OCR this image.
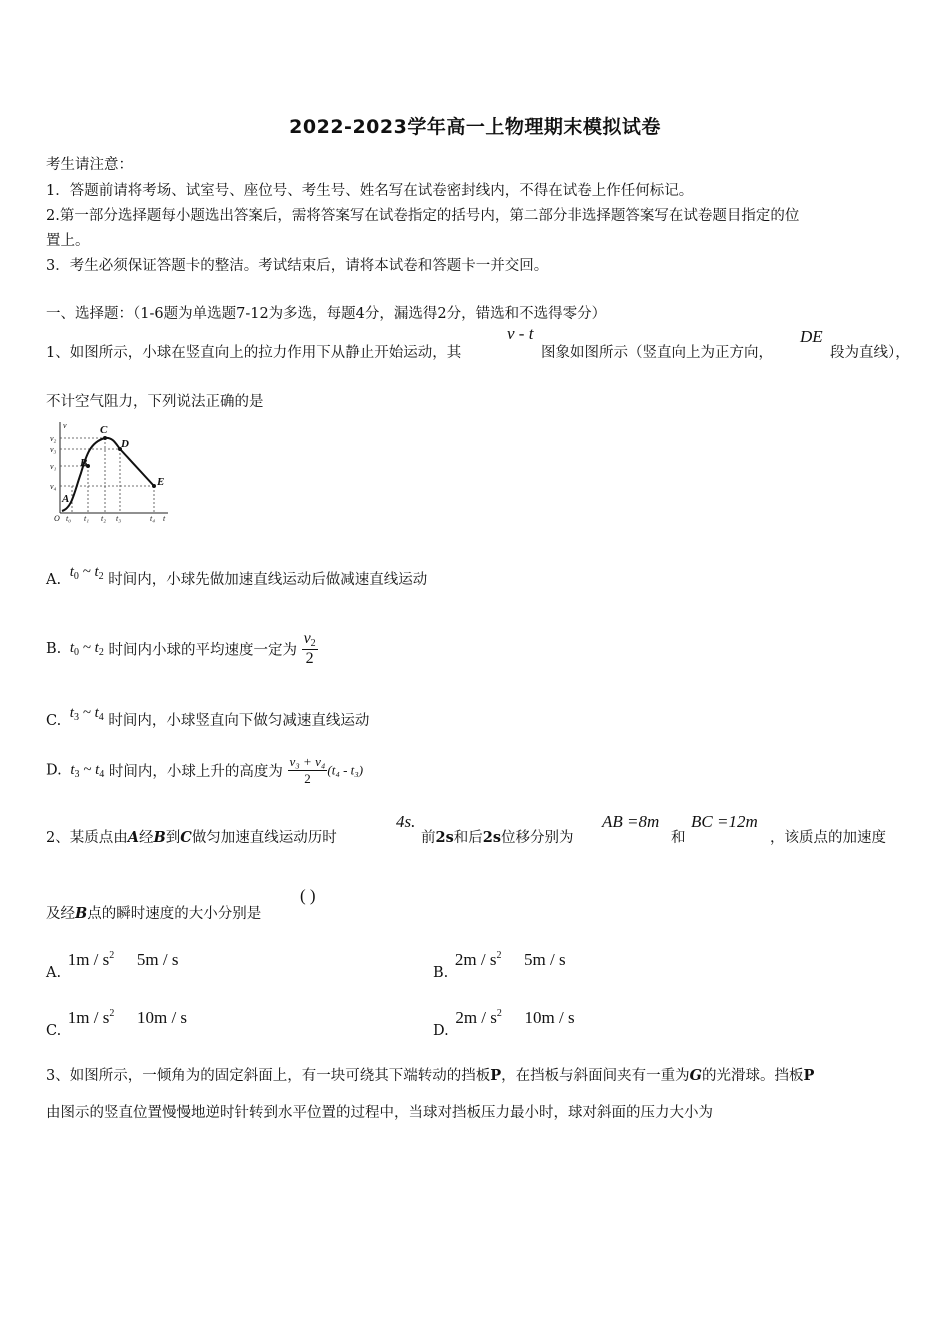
2022-2023学年高一上物理期末模拟试卷
考生请注意：
1．答题前请将考场、试室号、座位号、考生号、姓名写在试卷密封线内，不得在试卷上作任何标记。
2.第一部分选择题每小题选出答案后，需将答案写在试卷指定的括号内，第二部分非选择题答案写在试卷题目指定的位
置上。
3．考生必须保证答题卡的整洁。考试结束后，请将本试卷和答题卡一并交回。
一、选择题：（1-6题为单选题7-12为多选，每题4分，漏选得2分，错选和不选得零分）
1、如图所示，小球在竖直向上的拉力作用下从静止开始运动，其
v - t
图象如图所示（竖直向上为正方向，
DE
段为直线），
不计空气阻力，下列说法正确的是
A
B
C
D
E
O t₀ t₁ t₂ t₃	t₄ t
v
v₂
v₃
v₁
v₄
A. $t_0$ ~ $t_2$ 时间内，小球先做加速直线运动后做减速直线运动
B. $t_0$ ~ $t_2$ 时间内小球的平均速度一定为 $\frac{v_2}{2}$
C. $t_3$ ~ $t_4$ 时间内，小球竖直向下做匀减速直线运动
D. $t_3$ ~ $t_4$ 时间内，小球上升的高度为 $\frac{\text{v₃ + v₄}}{2} (t_4 - t_3)$
2、某质点由A经B到C做匀加速直线运动历时
4s.
前2s和后2s位移分别为
AB =8m
和
BC =12m
，该质点的加速度
及经B点的瞬时速度的大小分别是
( )
A. $1m / s^2$ 5m / s
B. $2m / s^2$ 5m / s
C. $1m / s^2$ 10m / s
D. $2m / s^2$ 10m / s
3、如图所示，一倾角为的固定斜面上，有一块可绕其下端转动的挡板P，在挡板与斜面间夹有一重为G的光滑球。挡板P
由图示的竖直位置慢慢地逆时针转到水平位置的过程中，当球对挡板压力最小时，球对斜面的压力大小为
